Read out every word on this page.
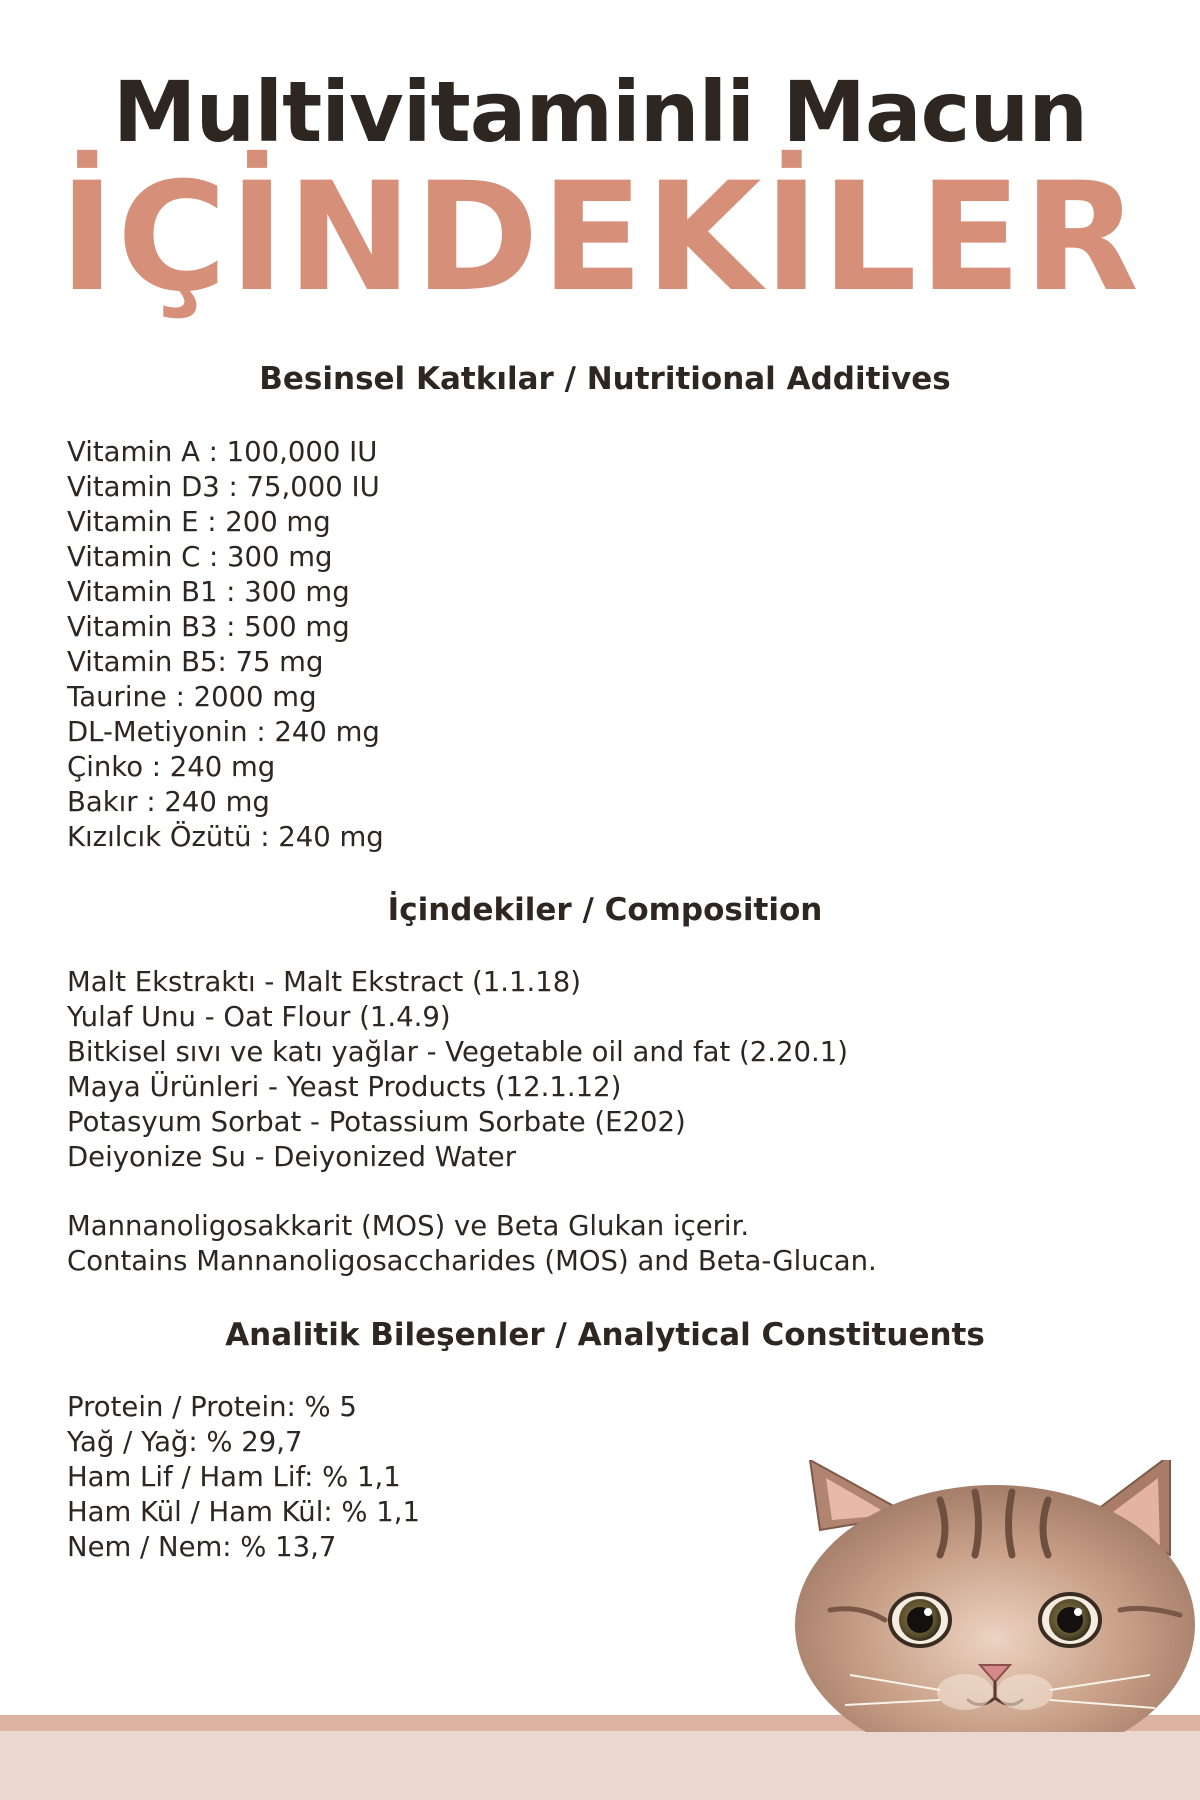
Multivitaminli Macun
İÇİNDEKİLER
Besinsel Katkılar / Nutritional Additives
Vitamin A : 100,000 IU
Vitamin D3 : 75,000 IU
Vitamin E : 200 mg
Vitamin C : 300 mg
Vitamin B1 : 300 mg
Vitamin B3 : 500 mg
Vitamin B5: 75 mg
Taurine : 2000 mg
DL-Metiyonin : 240 mg
Çinko : 240 mg
Bakır : 240 mg
Kızılcık Özütü : 240 mg
İçindekiler / Composition
Malt Ekstraktı - Malt Ekstract (1.1.18)
Yulaf Unu - Oat Flour (1.4.9)
Bitkisel sıvı ve katı yağlar - Vegetable oil and fat (2.20.1)
Maya Ürünleri - Yeast Products (12.1.12)
Potasyum Sorbat - Potassium Sorbate (E202)
Deiyonize Su - Deiyonized Water
Mannanoligosakkarit (MOS) ve Beta Glukan içerir.
Contains Mannanoligosaccharides (MOS) and Beta-Glucan.
Analitik Bileşenler / Analytical Constituents
Protein / Protein: % 5
Yağ / Yağ: % 29,7
Ham Lif / Ham Lif: % 1,1
Ham Kül / Ham Kül: % 1,1
Nem / Nem: % 13,7
